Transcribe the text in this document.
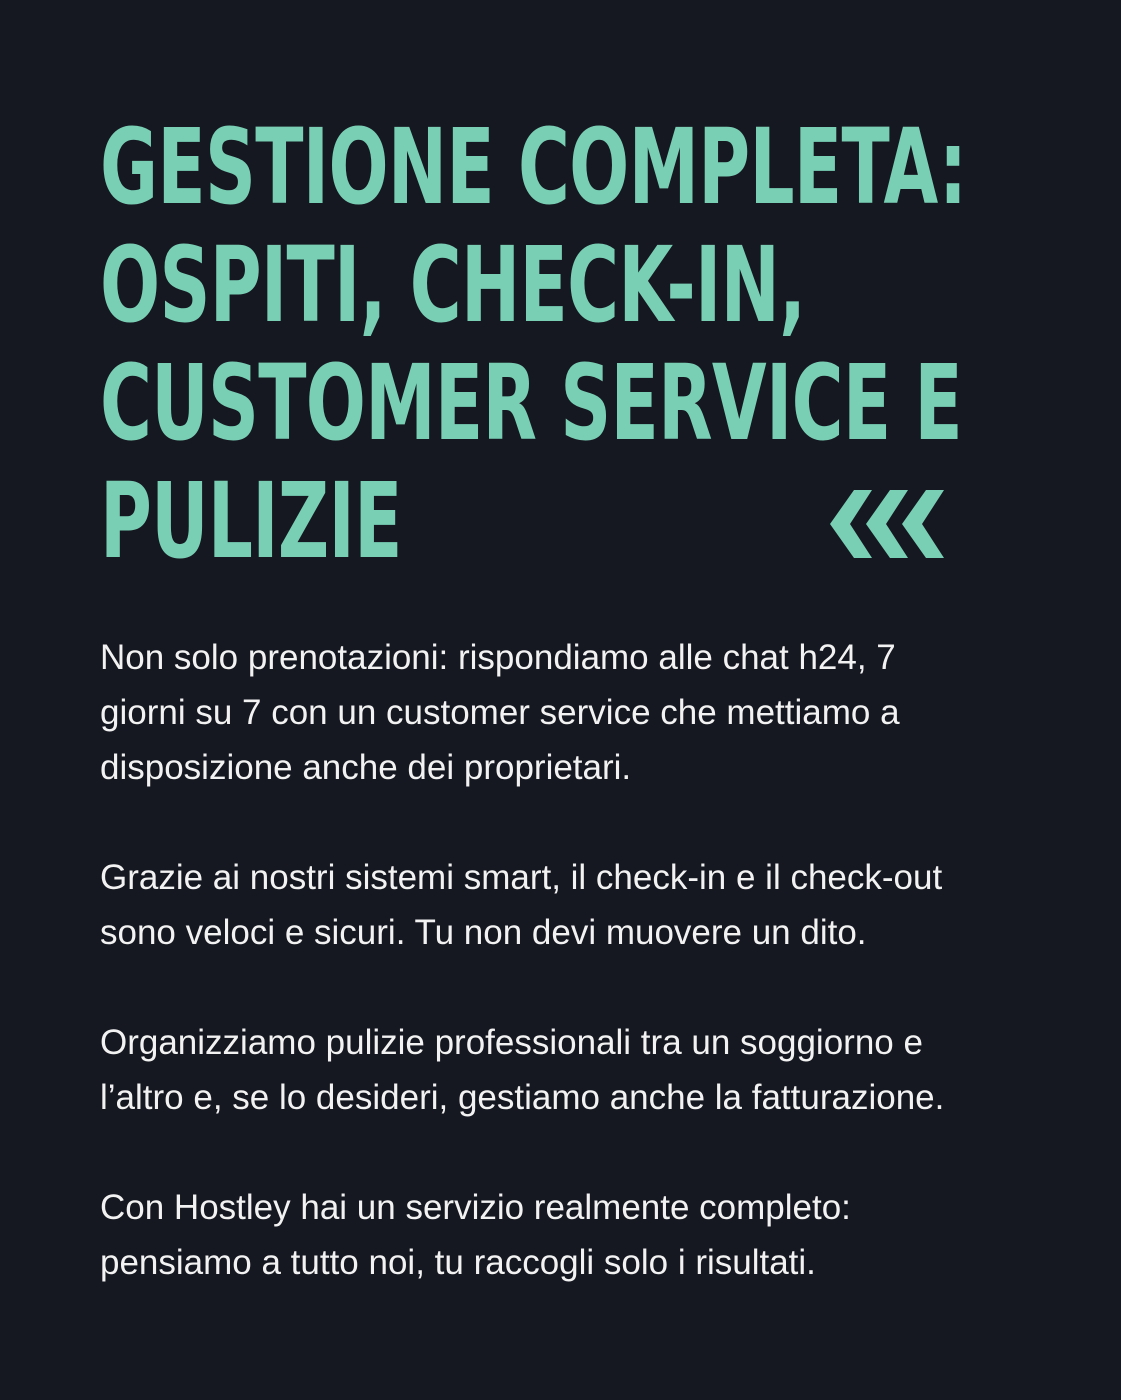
GESTIONE COMPLETA:
OSPITI, CHECK-IN,
CUSTOMER SERVICE E
PULIZIE

Non solo prenotazioni: rispondiamo alle chat h24, 7
giorni su 7 con un customer service che mettiamo a
disposizione anche dei proprietari.

Grazie ai nostri sistemi smart, il check-in e il check-out
sono veloci e sicuri. Tu non devi muovere un dito.

Organizziamo pulizie professionali tra un soggiorno e
l’altro e, se lo desideri, gestiamo anche la fatturazione.

Con Hostley hai un servizio realmente completo:
pensiamo a tutto noi, tu raccogli solo i risultati.
